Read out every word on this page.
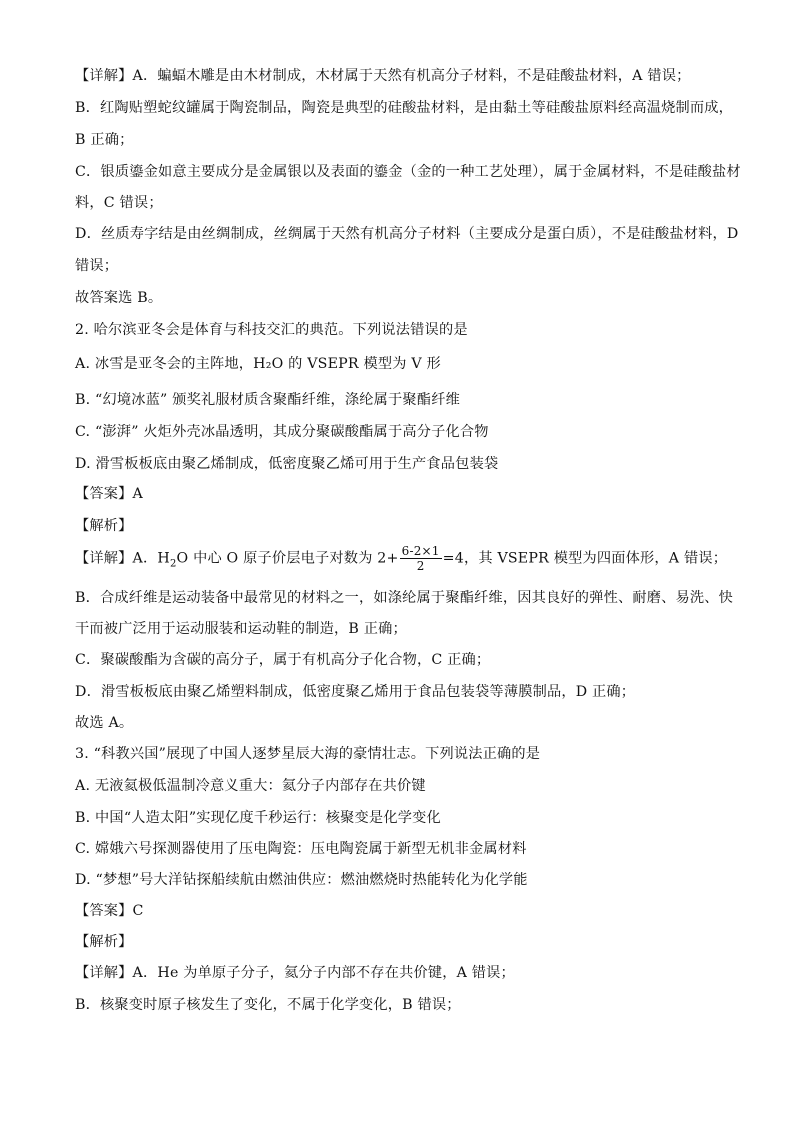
【详解】A．蝙蝠木雕是由木材制成，木材属于天然有机高分子材料，不是硅酸盐材料，A 错误；
B．红陶贴塑蛇纹罐属于陶瓷制品，陶瓷是典型的硅酸盐材料，是由黏土等硅酸盐原料经高温烧制而成，
B 正确；
C．银质鎏金如意主要成分是金属银以及表面的鎏金（金的一种工艺处理），属于金属材料，不是硅酸盐材
料，C 错误；
D．丝质寿字结是由丝绸制成，丝绸属于天然有机高分子材料（主要成分是蛋白质），不是硅酸盐材料，D
错误；
故答案选 B。
2. 哈尔滨亚冬会是体育与科技交汇的典范。下列说法错误的是
A. 冰雪是亚冬会的主阵地，H₂O 的 VSEPR 模型为 V 形
B. “幻境冰蓝” 颁奖礼服材质含聚酯纤维，涤纶属于聚酯纤维
C. “澎湃” 火炬外壳冰晶透明，其成分聚碳酸酯属于高分子化合物
D. 滑雪板板底由聚乙烯制成，低密度聚乙烯可用于生产食品包装袋
【答案】A
【解析】
【详解】A．$H_2O$ 中心 O 原子价层电子对数为 $2+ \frac{6-2\times 1}{2} =4$，其 VSEPR 模型为四面体形，A 错误；
B．合成纤维是运动装备中最常见的材料之一，如涤纶属于聚酯纤维，因其良好的弹性、耐磨、易洗、快
干而被广泛用于运动服装和运动鞋的制造，B 正确；
C．聚碳酸酯为含碳的高分子，属于有机高分子化合物，C 正确；
D．滑雪板板底由聚乙烯塑料制成，低密度聚乙烯用于食品包装袋等薄膜制品，D 正确；
故选 A。
3. “科教兴国”展现了中国人逐梦星辰大海的豪情壮志。下列说法正确的是
A. 无液氦极低温制冷意义重大：氦分子内部存在共价键
B. 中国“人造太阳”实现亿度千秒运行：核聚变是化学变化
C. 嫦娥六号探测器使用了压电陶瓷：压电陶瓷属于新型无机非金属材料
D. “梦想”号大洋钻探船续航由燃油供应：燃油燃烧时热能转化为化学能
【答案】C
【解析】
【详解】A．He 为单原子分子，氦分子内部不存在共价键，A 错误；
B．核聚变时原子核发生了变化，不属于化学变化，B 错误；
